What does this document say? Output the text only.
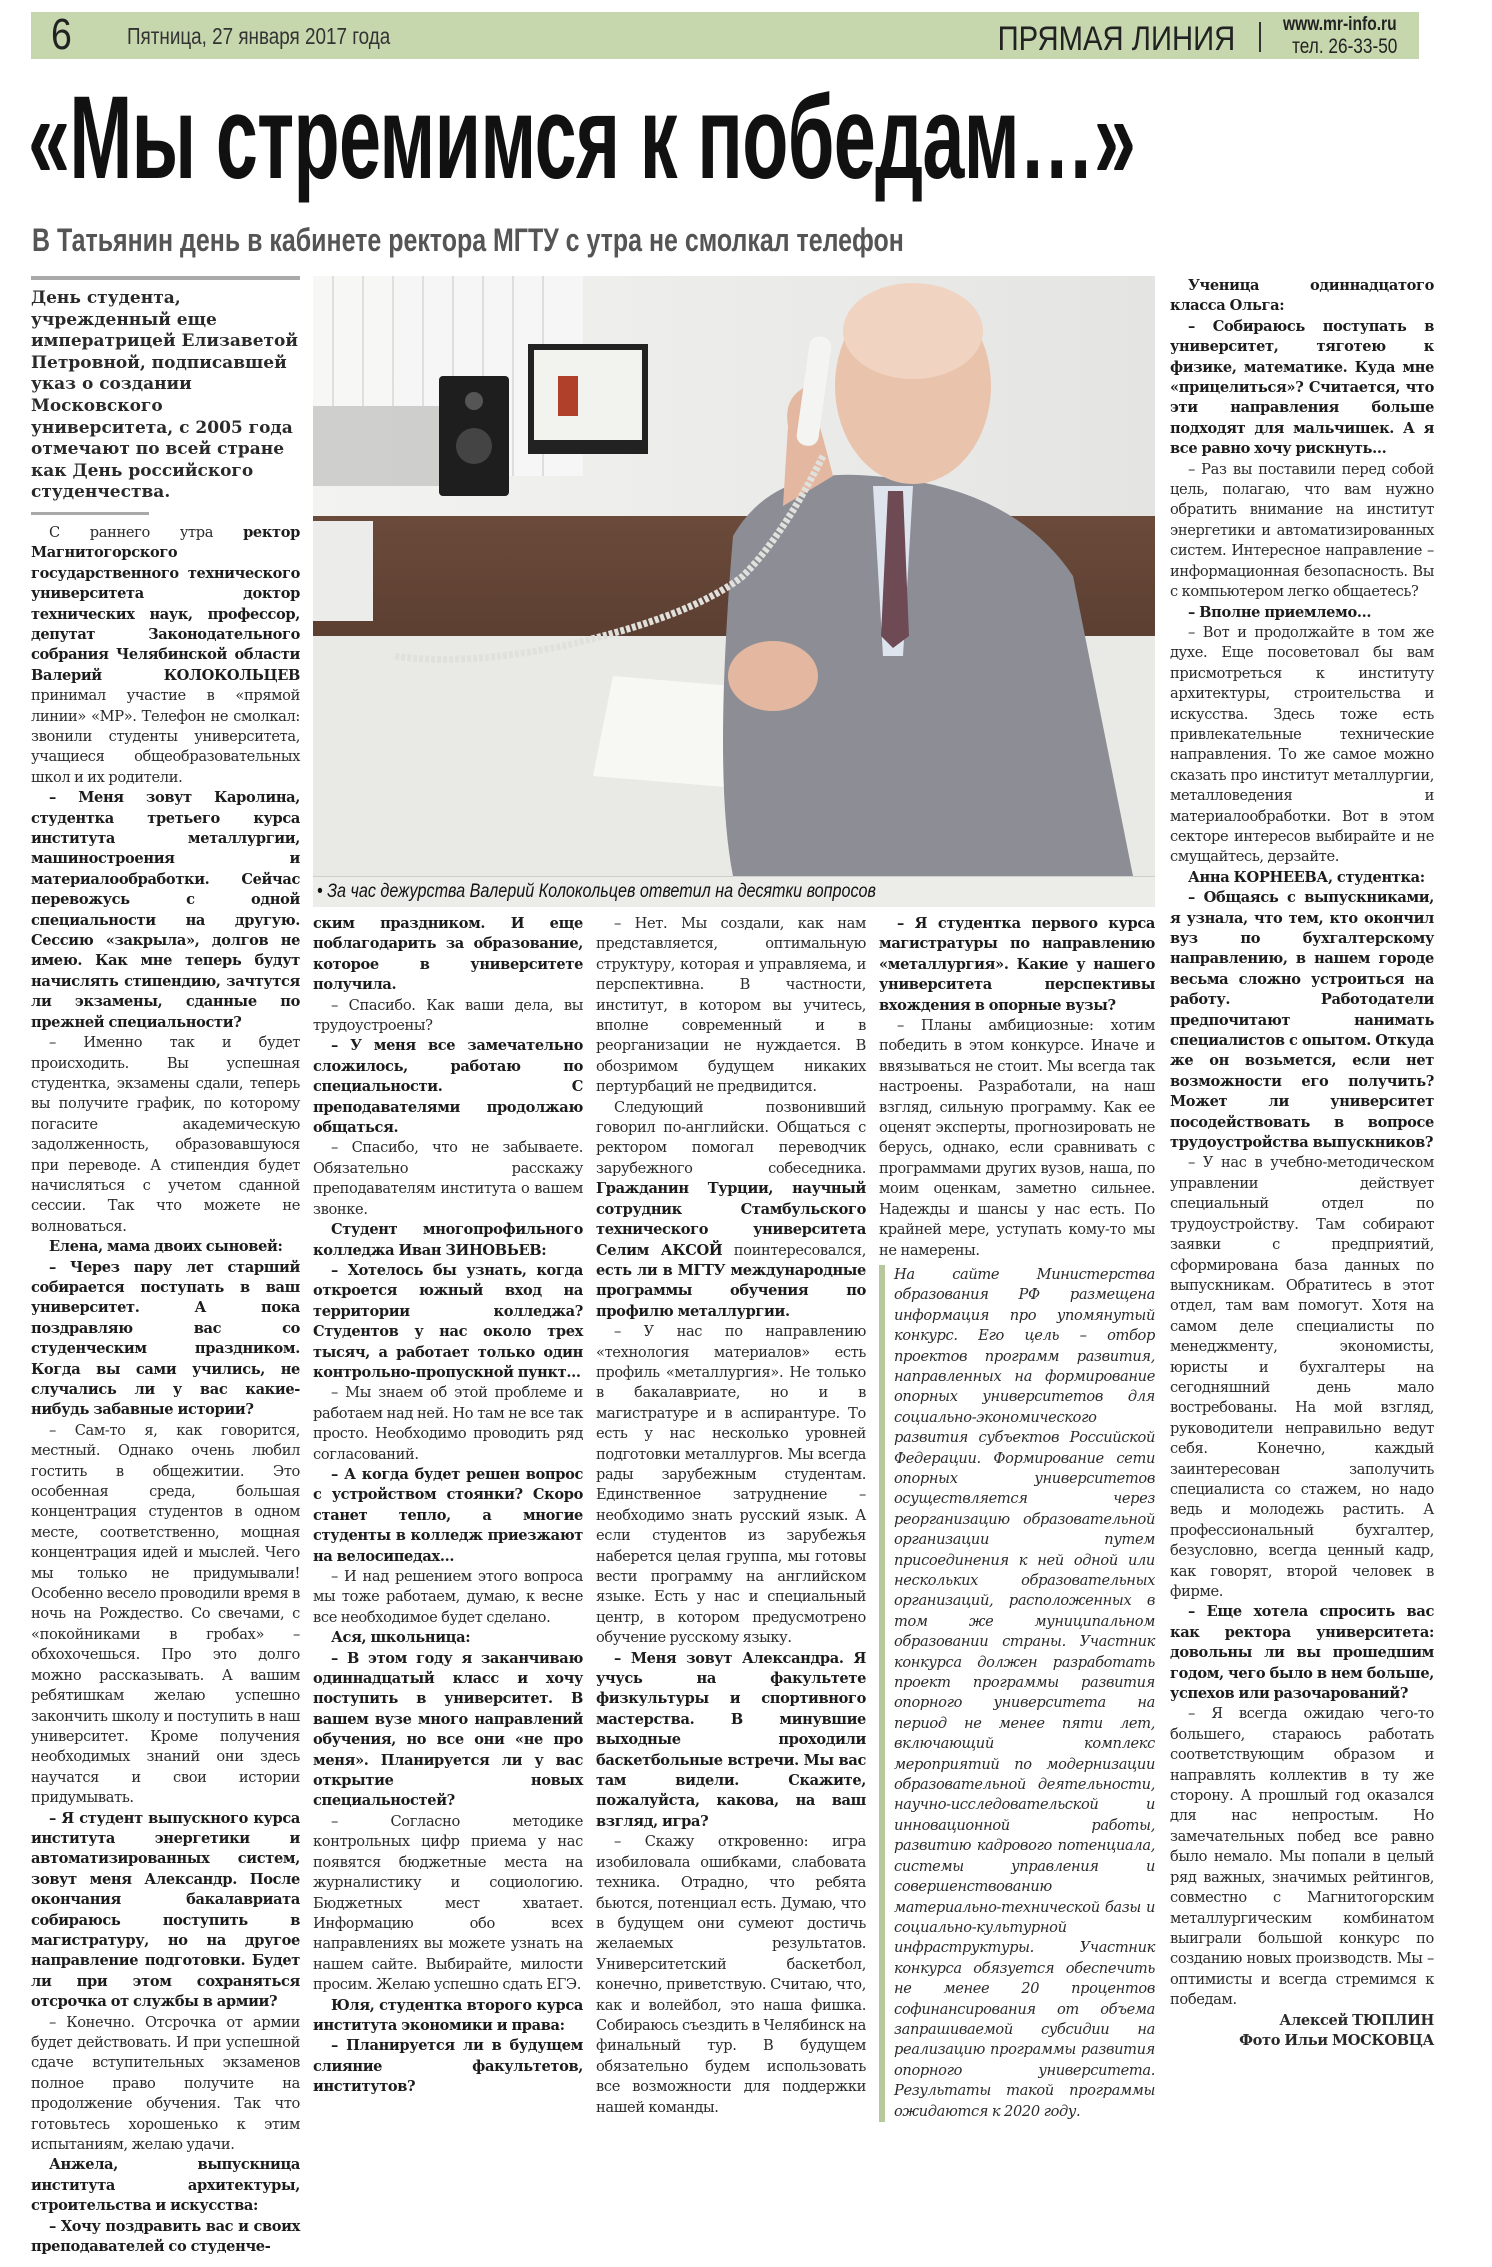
6 Пятница, 27 января 2017 года	ПРЯМАЯ ЛИНИЯ	www.mr-info.ru
тел. 26-33-50
«Мы стремимся к победам…»
В Татьянин день в кабинете ректора МГТУ с утра не смолкал телефон
• За час дежурства Валерий Колокольцев ответил на десятки вопросов
День студента, учрежденный еще императрицей Елизаветой Петровной, подписавшей указ о создании Московского университета, с 2005 года отмечают по всей стране как День российского студенчества.

С раннего утра ректор Магнитогорского государственного технического университета доктор технических наук, профессор, депутат Законодательного собрания Челябинской области Валерий КОЛОКОЛЬЦЕВ принимал участие в «прямой линии» «МР». Телефон не смолкал: звонили студенты университета, учащиеся общеобразовательных школ и их родители.

– Меня зовут Каролина, студентка третьего курса института металлургии, машиностроения и материалообработки. Сейчас перевожусь с одной специальности на другую. Сессию «закрыла», долгов не имею. Как мне теперь будут начислять стипендию, зачтутся ли экзамены, сданные по прежней специальности?

– Именно так и будет происходить. Вы успешная студентка, экзамены сдали, теперь вы получите график, по которому погасите академическую задолженность, образовавшуюся при переводе. А стипендия будет начисляться с учетом сданной сессии. Так что можете не волноваться.

Елена, мама двоих сыновей:

– Через пару лет старший собирается поступать в ваш университет. А пока поздравляю вас со студенческим праздником. Когда вы сами учились, не случались ли у вас какие-нибудь забавные истории?

– Сам-то я, как говорится, местный. Однако очень любил гостить в общежитии. Это особенная среда, большая концентрация студентов в одном месте, соответственно, мощная концентрация идей и мыслей. Чего мы только не придумывали! Особенно весело проводили время в ночь на Рождество. Со свечами, с «покойниками в гробах» – обхохочешься. Про это долго можно рассказывать. А вашим ребятишкам желаю успешно закончить школу и поступить в наш университет. Кроме получения необходимых знаний они здесь научатся и свои истории придумывать.

– Я студент выпускного курса института энергетики и автоматизированных систем, зовут меня Александр. После окончания бакалавриата собираюсь поступить в магистратуру, но на другое направление подготовки. Будет ли при этом сохраняться отсрочка от службы в армии?

– Конечно. Отсрочка от армии будет действовать. И при успешной сдаче вступительных экзаменов полное право получите на продолжение обучения. Так что готовьтесь хорошенько к этим испытаниям, желаю удачи.

Анжела, выпускница института архитектуры, строительства и искусства:

– Хочу поздравить вас и своих преподавателей со студенче-

ским праздником. И еще поблагодарить за образование, которое в университете получила.

– Спасибо. Как ваши дела, вы трудоустроены?

– У меня все замечательно сложилось, работаю по специальности. С преподавателями продолжаю общаться.

– Спасибо, что не забываете. Обязательно расскажу преподавателям института о вашем звонке.

Студент многопрофильного колледжа Иван ЗИНОВЬЕВ:

– Хотелось бы узнать, когда откроется южный вход на территории колледжа? Студентов у нас около трех тысяч, а работает только один контрольно-пропускной пункт…

– Мы знаем об этой проблеме и работаем над ней. Но там не все так просто. Необходимо проводить ряд согласований.

– А когда будет решен вопрос с устройством стоянки? Скоро станет тепло, а многие студенты в колледж приезжают на велосипедах…

– И над решением этого вопроса мы тоже работаем, думаю, к весне все необходимое будет сделано.

Ася, школьница:

– В этом году я заканчиваю одиннадцатый класс и хочу поступить в университет. В вашем вузе много направлений обучения, но все они «не про меня». Планируется ли у вас открытие новых специальностей?

– Согласно методике контрольных цифр приема у нас появятся бюджетные места на журналистику и социологию. Бюджетных мест хватает. Информацию обо всех направлениях вы можете узнать на нашем сайте. Выбирайте, милости просим. Желаю успешно сдать ЕГЭ.

Юля, студентка второго курса института экономики и права:

– Планируется ли в будущем слияние факультетов, институтов?

– Нет. Мы создали, как нам представляется, оптимальную структуру, которая и управляема, и перспективна. В частности, институт, в котором вы учитесь, вполне современный и в реорганизации не нуждается. В обозримом будущем никаких пертурбаций не предвидится.

Следующий позвонивший говорил по-английски. Общаться с ректором помогал переводчик зарубежного собеседника. Гражданин Турции, научный сотрудник Стамбульского технического университета Селим АКСОЙ поинтересовался, есть ли в МГТУ международные программы обучения по профилю металлургии.

– У нас по направлению «технология материалов» есть профиль «металлургия». Не только в бакалавриате, но и в магистратуре и в аспирантуре. То есть у нас несколько уровней подготовки металлургов. Мы всегда рады зарубежным студентам. Единственное затруднение – необходимо знать русский язык. А если студентов из зарубежья наберется целая группа, мы готовы вести программу на английском языке. Есть у нас и специальный центр, в котором предусмотрено обучение русскому языку.

– Меня зовут Александра. Я учусь на факультете физкультуры и спортивного мастерства. В минувшие выходные проходили баскетбольные встречи. Мы вас там видели. Скажите, пожалуйста, какова, на ваш взгляд, игра?

– Скажу откровенно: игра изобиловала ошибками, слабовата техника. Отрадно, что ребята бьются, потенциал есть. Думаю, что в будущем они сумеют достичь желаемых результатов. Университетский баскетбол, конечно, приветствую. Считаю, что, как и волейбол, это наша фишка. Собираюсь съездить в Челябинск на финальный тур. В будущем обязательно будем использовать все возможности для поддержки нашей команды.

– Я студентка первого курса магистратуры по направлению «металлургия». Какие у нашего университета перспективы вхождения в опорные вузы?

– Планы амбициозные: хотим победить в этом конкурсе. Иначе и ввязываться не стоит. Мы всегда так настроены. Разработали, на наш взгляд, сильную программу. Как ее оценят эксперты, прогнозировать не берусь, однако, если сравнивать с программами других вузов, наша, по моим оценкам, заметно сильнее. Надежды и шансы у нас есть. По крайней мере, уступать кому-то мы не намерены.

На сайте Министерства образования РФ размещена информация про упомянутый конкурс. Его цель – отбор проектов программ развития, направленных на формирование опорных университетов для социально-экономического развития субъектов Российской Федерации. Формирование сети опорных университетов осуществляется через реорганизацию образовательной организации путем присоединения к ней одной или нескольких образовательных организаций, расположенных в том же муниципальном образовании страны. Участник конкурса должен разработать проект программы развития опорного университета на период не менее пяти лет, включающий комплекс мероприятий по модернизации образовательной деятельности, научно-исследовательской и инновационной работы, развитию кадрового потенциала, системы управления и совершенствованию материально-технической базы и социально-культурной инфраструктуры. Участник конкурса обязуется обеспечить не менее 20 процентов софинансирования от объема запрашиваемой субсидии на реализацию программы развития опорного университета. Результаты такой программы ожидаются к 2020 году.

Ученица одиннадцатого класса Ольга:

– Собираюсь поступать в университет, тяготею к физике, математике. Куда мне «прицелиться»? Считается, что эти направления больше подходят для мальчишек. А я все равно хочу рискнуть…

– Раз вы поставили перед собой цель, полагаю, что вам нужно обратить внимание на институт энергетики и автоматизированных систем. Интересное направление – информационная безопасность. Вы с компьютером легко общаетесь?

– Вполне приемлемо…

– Вот и продолжайте в том же духе. Еще посоветовал бы вам присмотреться к институту архитектуры, строительства и искусства. Здесь тоже есть привлекательные технические направления. То же самое можно сказать про институт металлургии, металловедения и материалообработки. Вот в этом секторе интересов выбирайте и не смущайтесь, дерзайте.

Анна КОРНЕЕВА, студентка:

– Общаясь с выпускниками, я узнала, что тем, кто окончил вуз по бухгалтерскому направлению, в нашем городе весьма сложно устроиться на работу. Работодатели предпочитают нанимать специалистов с опытом. Откуда же он возьмется, если нет возможности его получить? Может ли университет посодействовать в вопросе трудоустройства выпускников?

– У нас в учебно-методическом управлении действует специальный отдел по трудоустройству. Там собирают заявки с предприятий, сформирована база данных по выпускникам. Обратитесь в этот отдел, там вам помогут. Хотя на самом деле специалисты по менеджменту, экономисты, юристы и бухгалтеры на сегодняшний день мало востребованы. На мой взгляд, руководители неправильно ведут себя. Конечно, каждый заинтересован заполучить специалиста со стажем, но надо ведь и молодежь растить. А профессиональный бухгалтер, безусловно, всегда ценный кадр, как говорят, второй человек в фирме.

– Еще хотела спросить вас как ректора университета: довольны ли вы прошедшим годом, чего было в нем больше, успехов или разочарований?

– Я всегда ожидаю чего-то большего, стараюсь работать соответствующим образом и направлять коллектив в ту же сторону. А прошлый год оказался для нас непростым. Но замечательных побед все равно было немало. Мы попали в целый ряд важных, значимых рейтингов, совместно с Магнитогорским металлургическим комбинатом выиграли большой конкурс по созданию новых производств. Мы – оптимисты и всегда стремимся к победам.

Алексей ТЮПЛИН
Фото Ильи МОСКОВЦА
